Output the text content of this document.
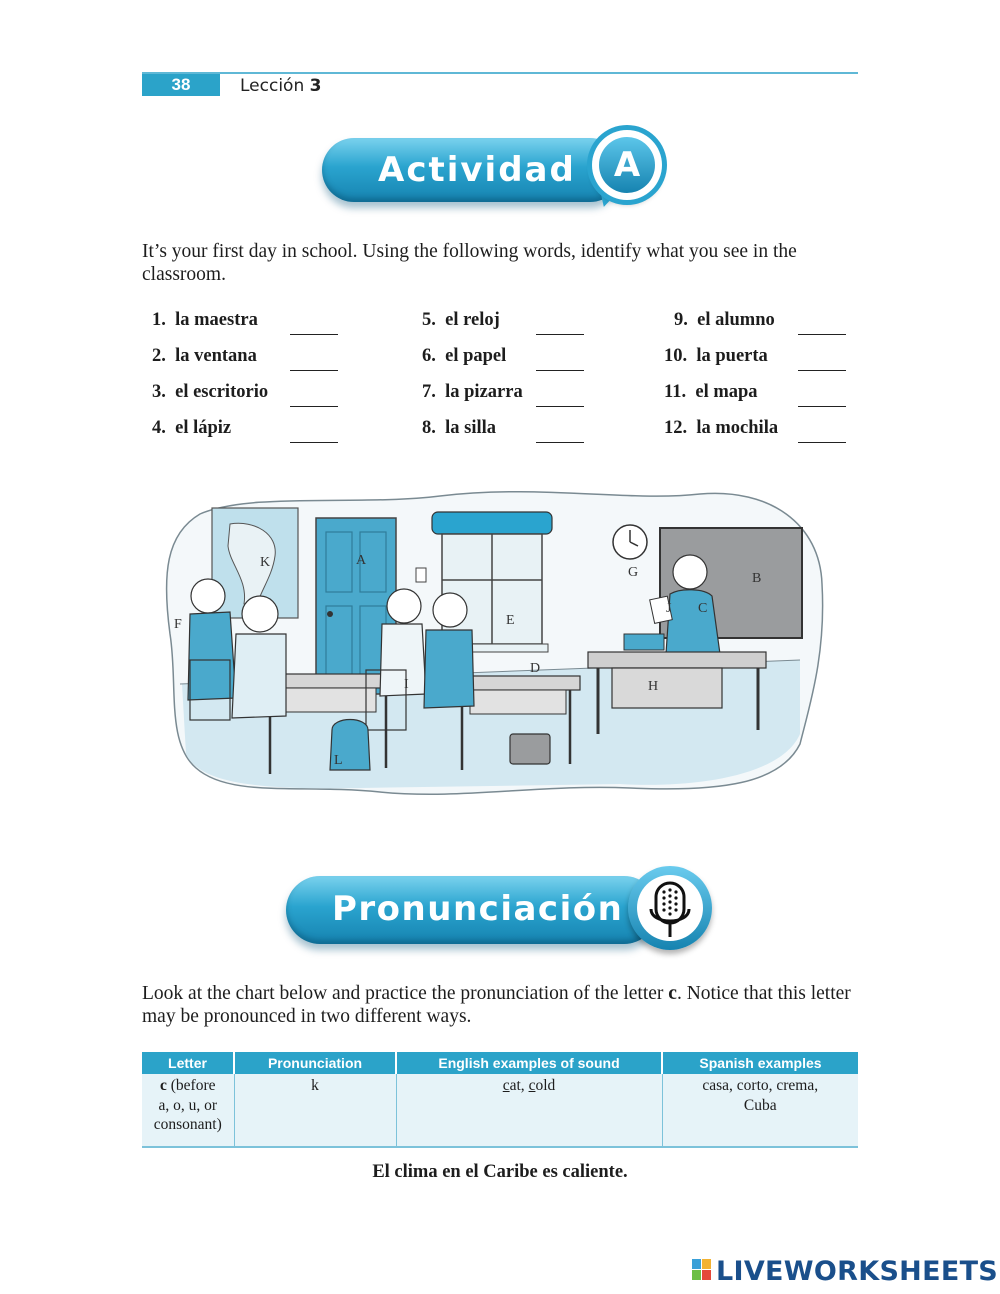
38	Lección 3
Actividad	A
It’s your first day in school. Using the following words, identify what you see in the classroom.
1. la maestra
2. la ventana
3. el escritorio
4. el lápiz
5. el reloj
6. el papel
7. la pizarra
8. la silla
9. el alumno
10. la puerta
11. el mapa
12. la mochila
A
B
C
D
E
F
G
H
I
J
K
L
Pronunciación
Look at the chart below and practice the pronunciation of the letter c. Notice that this letter may be pronounced in two different ways.
Letter	Pronunciation	English examples of sound	Spanish examples
c (before
a, o, u, or
consonant)	k	cat, cold	casa, corto, crema,
Cuba
El clima en el Caribe es caliente.
LIVEWORKSHEETS
